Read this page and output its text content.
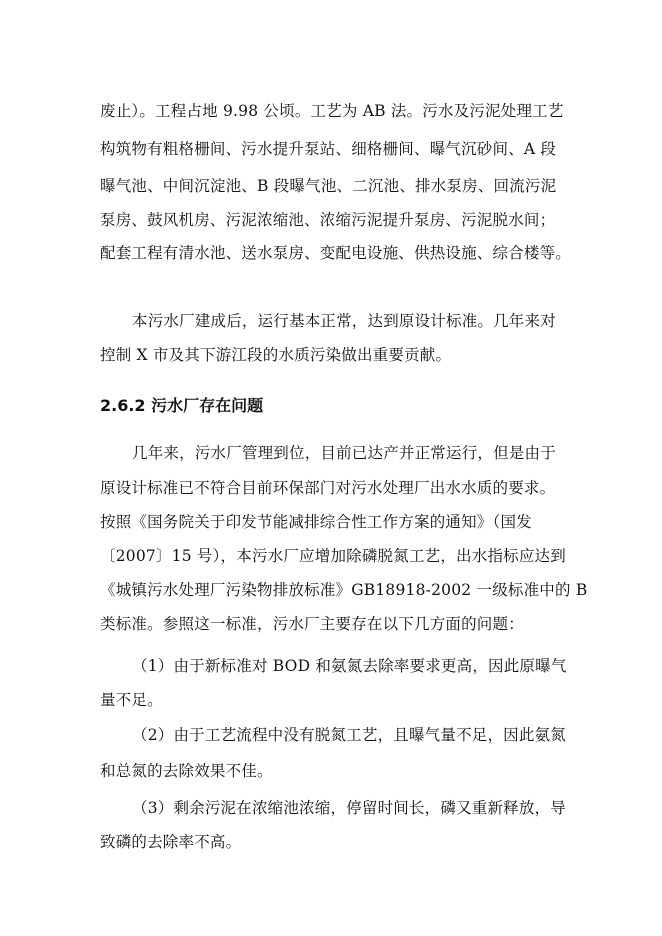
废止）。工程占地 9.98 公顷。工艺为 AB 法。污水及污泥处理工艺
构筑物有粗格栅间、污水提升泵站、细格栅间、曝气沉砂间、A 段
曝气池、中间沉淀池、B 段曝气池、二沉池、排水泵房、回流污泥
泵房、鼓风机房、污泥浓缩池、浓缩污泥提升泵房、污泥脱水间；
配套工程有清水池、送水泵房、变配电设施、供热设施、综合楼等。
本污水厂建成后，运行基本正常，达到原设计标准。几年来对
控制 X 市及其下游江段的水质污染做出重要贡献。
2.6.2 污水厂存在问题
几年来，污水厂管理到位，目前已达产并正常运行，但是由于
原设计标准已不符合目前环保部门对污水处理厂出水水质的要求。
按照《国务院关于印发节能减排综合性工作方案的通知》（国发
〔2007〕15 号），本污水厂应增加除磷脱氮工艺，出水指标应达到
《城镇污水处理厂污染物排放标准》GB18918-2002 一级标准中的 B
类标准。参照这一标准，污水厂主要存在以下几方面的问题：
（1）由于新标准对 BOD 和氨氮去除率要求更高，因此原曝气
量不足。
（2）由于工艺流程中没有脱氮工艺，且曝气量不足，因此氨氮
和总氮的去除效果不佳。
（3）剩余污泥在浓缩池浓缩，停留时间长，磷又重新释放，导
致磷的去除率不高。
